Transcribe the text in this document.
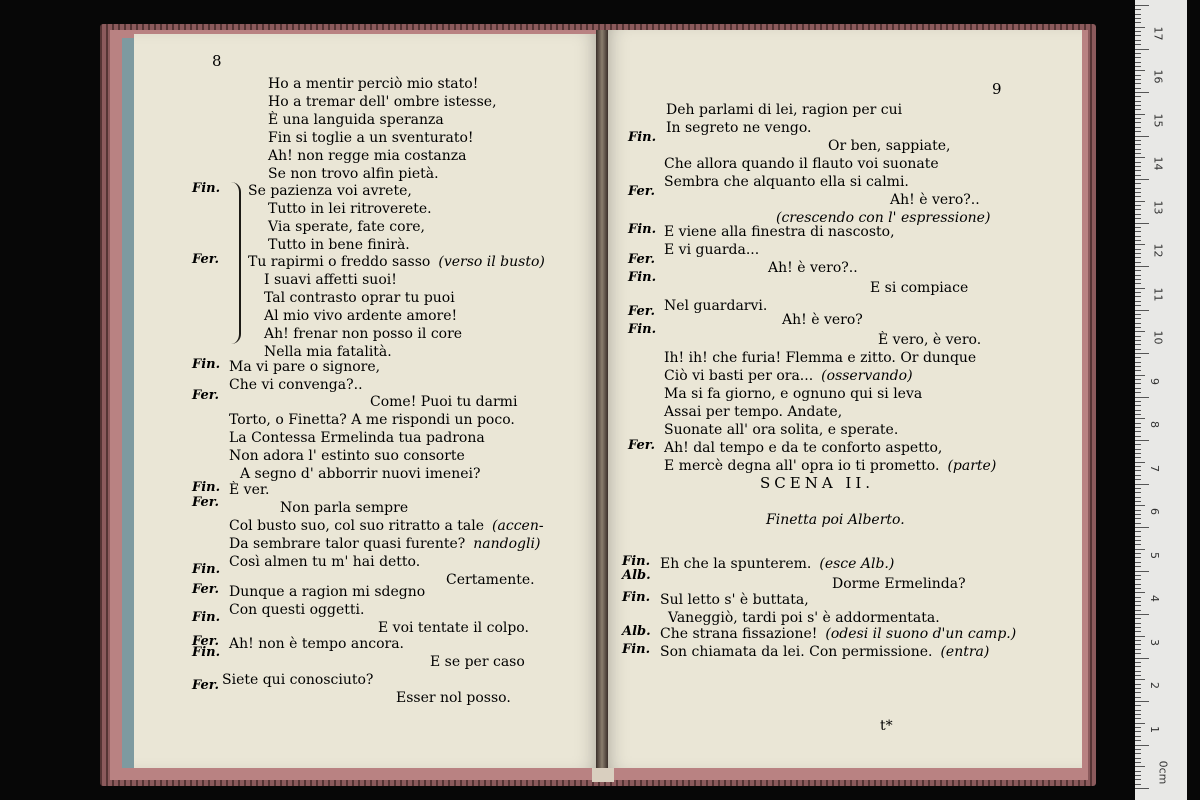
8
9
Ho a mentir perciò mio stato!
Ho a tremar dell' ombre istesse,
È una languida speranza
Fin si toglie a un sventurato!
Ah! non regge mia costanza
Se non trovo alfin pietà.
Fin. Se pazienza voi avrete,
Tutto in lei ritroverete.
Via sperate, fate core,
Tutto in bene finirà.
Fer. Tu rapirmi o freddo sasso (verso il busto)
I suavi affetti suoi!
Tal contrasto oprar tu puoi
Al mio vivo ardente amore!
Ah! frenar non posso il core
Nella mia fatalità.
Fin. Ma vi pare o signore,
Che vi convenga?..
Fer.	Come! Puoi tu darmi
Torto, o Finetta? A me rispondi un poco.
La Contessa Ermelinda tua padrona
Non adora l' estinto suo consorte
A segno d' abborrir nuovi imenei?
Fin. È ver.
Fer.	Non parla sempre
Col busto suo, col suo ritratto a tale (accen-
Da sembrare talor quasi furente? nandogli)
Così almen tu m' hai detto.
Fin.
Certamente.
Fer. Dunque a ragion mi sdegno
Con questi oggetti.
Fin.
E voi tentate il colpo.
Fer. Ah! non è tempo ancora.
Fin.
E se per caso
Siete qui conosciuto?
Fer.
Esser nol posso.
Deh parlami di lei, ragion per cui
In segreto ne vengo.
Fin.
Or ben, sappiate,
Che allora quando il flauto voi suonate
Sembra che alquanto ella si calmi.
Fer.
Ah! è vero?..
(crescendo con l' espressione)
Fin. E viene alla finestra di nascosto,
E vi guarda...
Fer.
Ah! è vero?..
Fin.
E si compiace
Nel guardarvi.
Fer.
Ah! è vero?
Fin.
È vero, è vero.
Ih! ih! che furia! Flemma e zitto. Or dunque
Ciò vi basti per ora... (osservando)
Ma si fa giorno, e ognuno qui si leva
Assai per tempo. Andate,
Suonate all' ora solita, e sperate.
Fer. Ah! dal tempo e da te conforto aspetto,
E mercè degna all' opra io ti prometto. (parte)
Fin. Eh che la spunterem. (esce Alb.)
Alb.
Dorme Ermelinda?
Fin. Sul letto s' è buttata,
Vaneggiò, tardi poi s' è addormentata.
Alb. Che strana fissazione! (odesi il suono d'un camp.)
Fin. Son chiamata da lei. Con permissione. (entra)
SCENA II.
Finetta poi Alberto.
t*
0cm
1
2
3
4
5
6
7
8
9
10
11
12
13
14
15
16
17
